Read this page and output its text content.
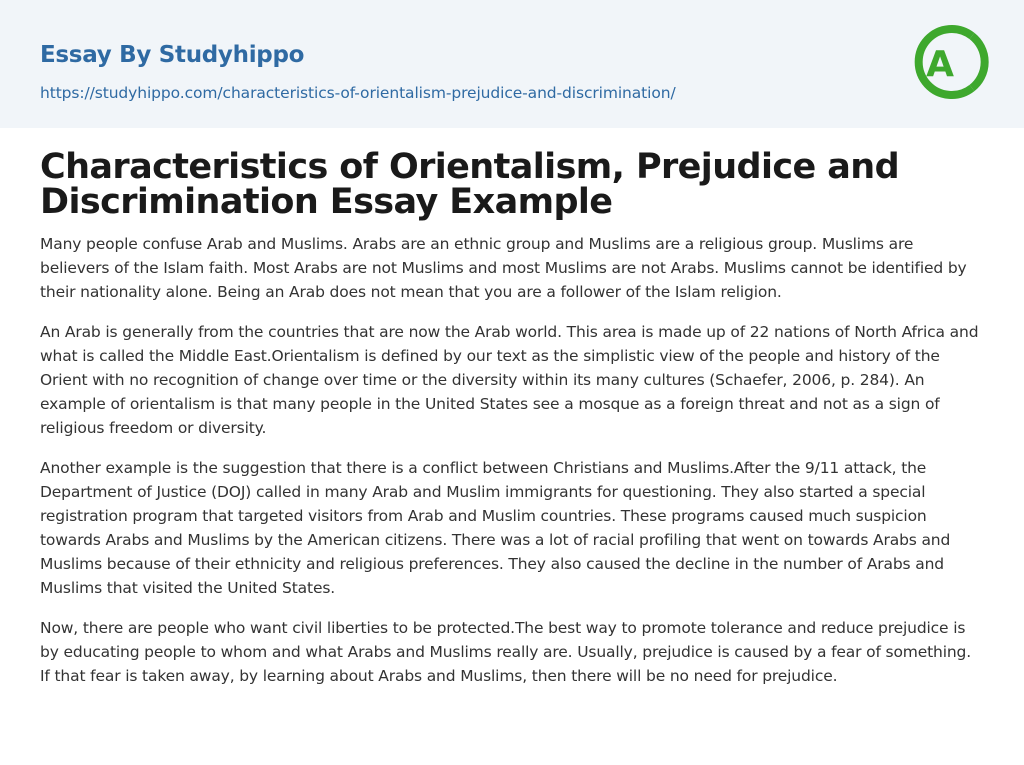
Essay By Studyhippo
https://studyhippo.com/characteristics-of-orientalism-prejudice-and-discrimination/
A
Characteristics of Orientalism, Prejudice and Discrimination Essay Example

Many people confuse Arab and Muslims. Arabs are an ethnic group and Muslims are a religious group. Muslims are believers of the Islam faith. Most Arabs are not Muslims and most Muslims are not Arabs. Muslims cannot be identified by their nationality alone. Being an Arab does not mean that you are a follower of the Islam religion.

An Arab is generally from the countries that are now the Arab world. This area is made up of 22 nations of North Africa and what is called the Middle East.Orientalism is defined by our text as the simplistic view of the people and history of the Orient with no recognition of change over time or the diversity within its many cultures (Schaefer, 2006, p. 284). An example of orientalism is that many people in the United States see a mosque as a foreign threat and not as a sign of religious freedom or diversity.

Another example is the suggestion that there is a conflict between Christians and Muslims.After the 9/11 attack, the Department of Justice (DOJ) called in many Arab and Muslim immigrants for questioning. They also started a special registration program that targeted visitors from Arab and Muslim countries. These programs caused much suspicion towards Arabs and Muslims by the American citizens. There was a lot of racial profiling that went on towards Arabs and Muslims because of their ethnicity and religious preferences. They also caused the decline in the number of Arabs and Muslims that visited the United States.

Now, there are people who want civil liberties to be protected.The best way to promote tolerance and reduce prejudice is by educating people to whom and what Arabs and Muslims really are. Usually, prejudice is caused by a fear of something. If that fear is taken away, by learning about Arabs and Muslims, then there will be no need for prejudice.
